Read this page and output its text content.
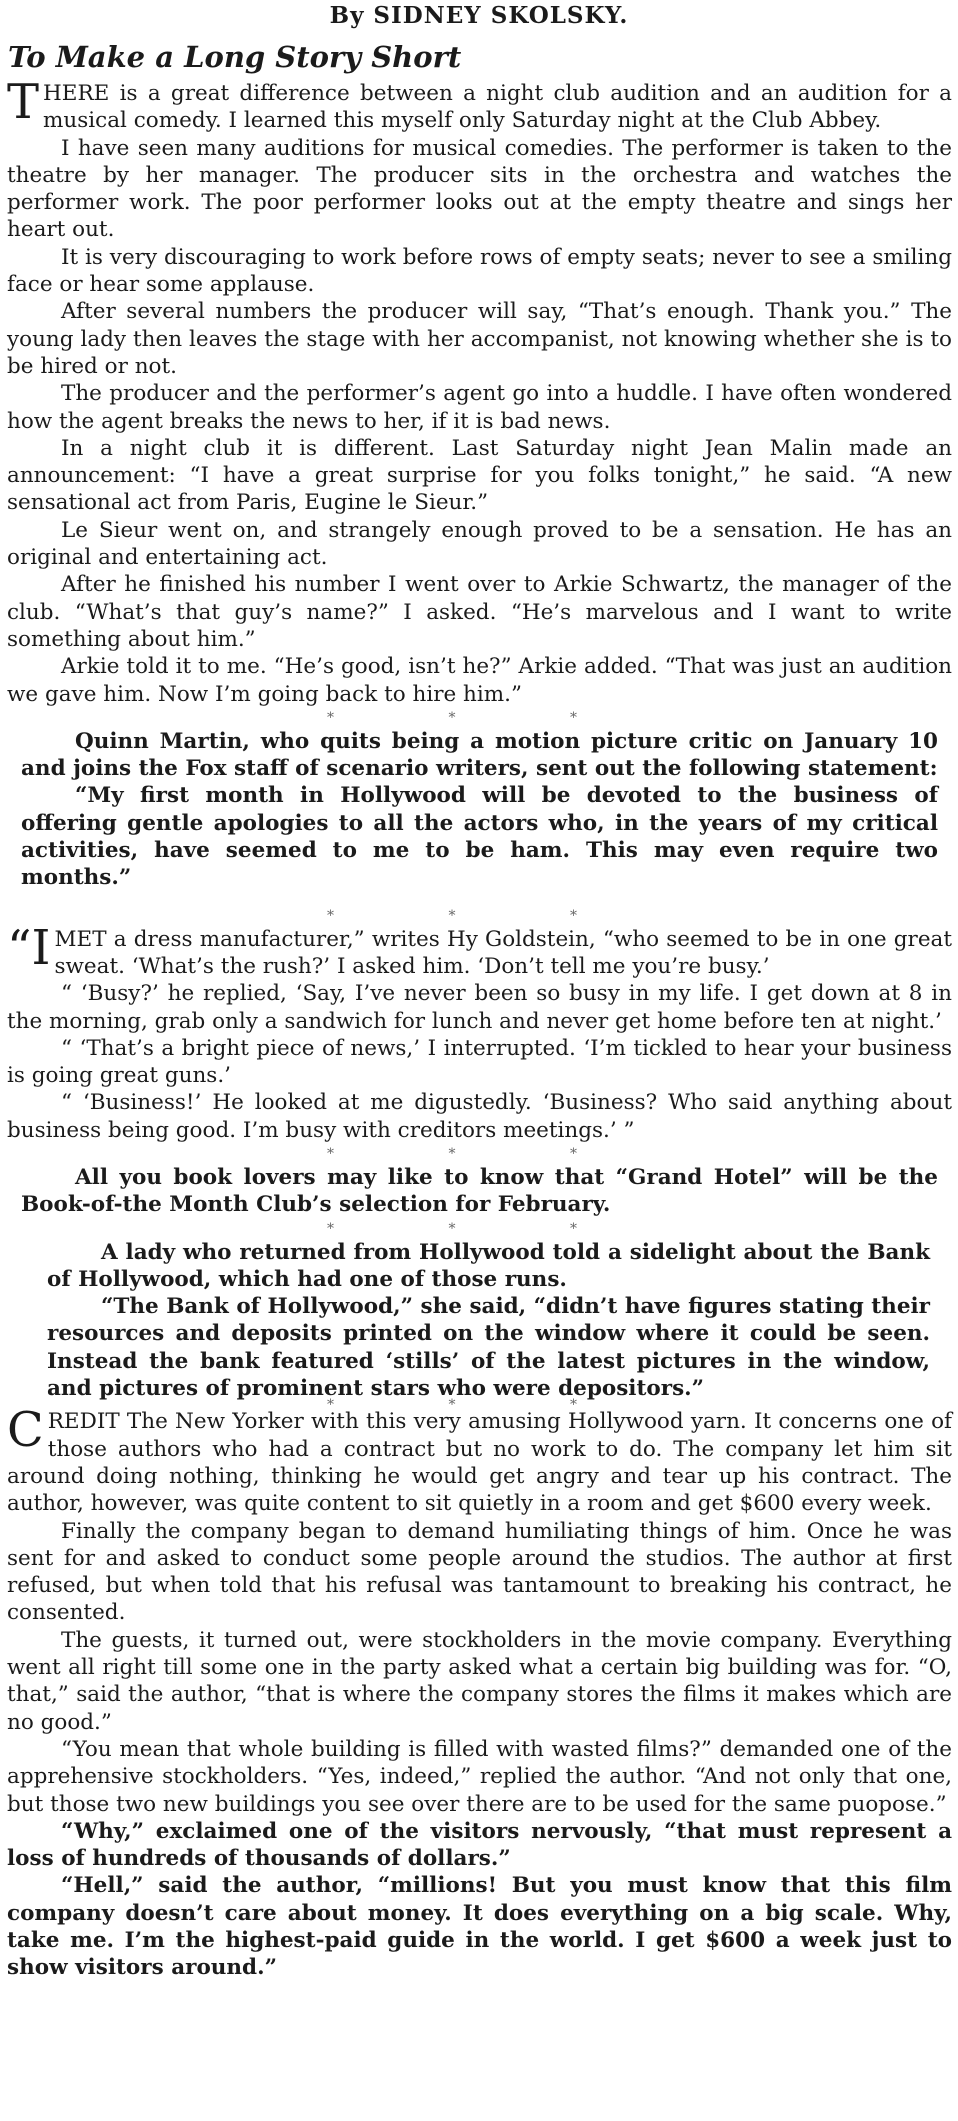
By SIDNEY SKOLSKY.
To Make a Long Story Short

THERE is a great difference between a night club audition and an audition for a musical comedy. I learned this myself only Saturday night at the Club Abbey.

I have seen many auditions for musical comedies. The performer is taken to the theatre by her manager. The producer sits in the orchestra and watches the performer work. The poor performer looks out at the empty theatre and sings her heart out.

It is very discouraging to work before rows of empty seats; never to see a smiling face or hear some applause.

After several numbers the producer will say, “That’s enough. Thank you.” The young lady then leaves the stage with her accompanist, not knowing whether she is to be hired or not.

The producer and the performer’s agent go into a huddle. I have often wondered how the agent breaks the news to her, if it is bad news.

In a night club it is different. Last Saturday night Jean Malin made an announcement: “I have a great surprise for you folks tonight,” he said. “A new sensational act from Paris, Eugine le Sieur.”

Le Sieur went on, and strangely enough proved to be a sensation. He has an original and entertaining act.

After he finished his number I went over to Arkie Schwartz, the manager of the club. “What’s that guy’s name?” I asked. “He’s marvelous and I want to write something about him.”

Arkie told it to me. “He’s good, isn’t he?” Arkie added. “That was just an audition we gave him. Now I’m going back to hire him.”

* * *

Quinn Martin, who quits being a motion picture critic on January 10 and joins the Fox staff of scenario writers, sent out the following statement:

“My first month in Hollywood will be devoted to the business of offering gentle apologies to all the actors who, in the years of my critical activities, have seemed to me to be ham. This may even require two months.”

* * *

“IMET a dress manufacturer,” writes Hy Goldstein, “who seemed to be in one great sweat. ‘What’s the rush?’ I asked him. ‘Don’t tell me you’re busy.’

“ ‘Busy?’ he replied, ‘Say, I’ve never been so busy in my life. I get down at 8 in the morning, grab only a sandwich for lunch and never get home before ten at night.’

“ ‘That’s a bright piece of news,’ I interrupted. ‘I’m tickled to hear your business is going great guns.’

“ ‘Business!’ He looked at me digustedly. ‘Business? Who said anything about business being good. I’m busy with creditors meetings.’ ”

* * *

All you book lovers may like to know that “Grand Hotel” will be the Book-of-the Month Club’s selection for February.

* * *

A lady who returned from Hollywood told a sidelight about the Bank of Hollywood, which had one of those runs.

“The Bank of Hollywood,” she said, “didn’t have figures stating their resources and deposits printed on the window where it could be seen. Instead the bank featured ‘stills’ of the latest pictures in the window, and pictures of prominent stars who were depositors.”

* * *

CREDIT The New Yorker with this very amusing Hollywood yarn. It concerns one of those authors who had a contract but no work to do. The company let him sit around doing nothing, thinking he would get angry and tear up his contract. The author, however, was quite content to sit quietly in a room and get $600 every week.

Finally the company began to demand humiliating things of him. Once he was sent for and asked to conduct some people around the studios. The author at first refused, but when told that his refusal was tantamount to breaking his contract, he consented.

The guests, it turned out, were stockholders in the movie company. Everything went all right till some one in the party asked what a certain big building was for. “O, that,” said the author, “that is where the company stores the films it makes which are no good.”

“You mean that whole building is filled with wasted films?” demanded one of the apprehensive stockholders. “Yes, indeed,” replied the author. “And not only that one, but those two new buildings you see over there are to be used for the same puopose.”

“Why,” exclaimed one of the visitors nervously, “that must represent a loss of hundreds of thousands of dollars.”

“Hell,” said the author, “millions! But you must know that this film company doesn’t care about money. It does everything on a big scale. Why, take me. I’m the highest-paid guide in the world. I get $600 a week just to show visitors around.”
